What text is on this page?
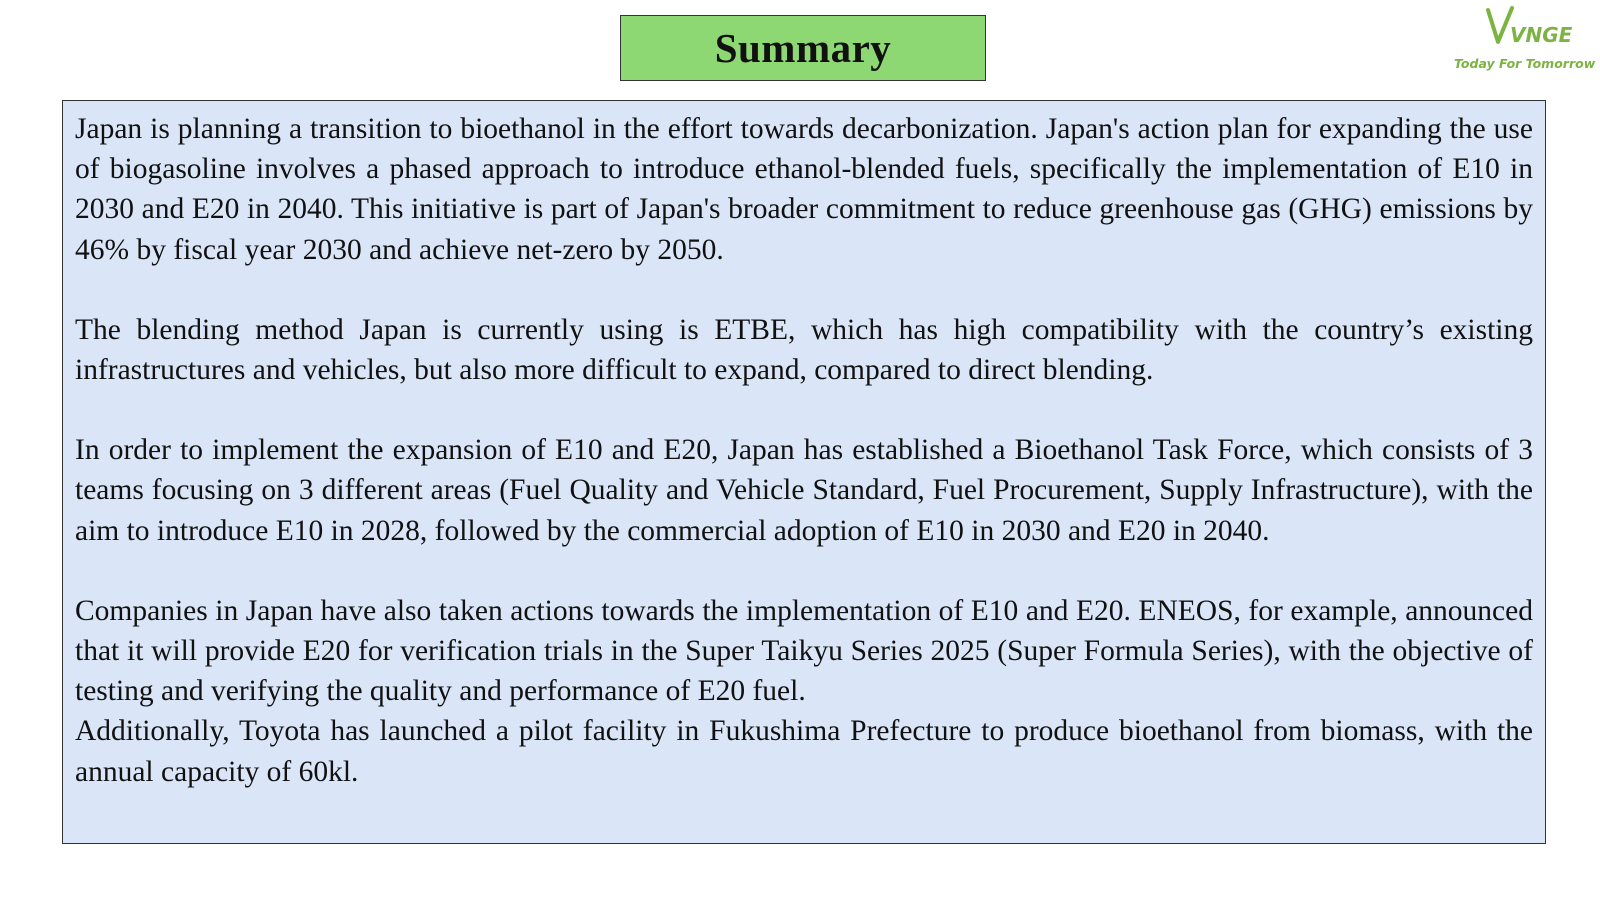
Summary	VNGE
Today For Tomorrow

Japan is planning a transition to bioethanol in the effort towards decarbonization. Japan's action plan for expanding the use of biogasoline involves a phased approach to introduce ethanol-blended fuels, specifically the implementation of E10 in 2030 and E20 in 2040. This initiative is part of Japan's broader commitment to reduce greenhouse gas (GHG) emissions by 46% by fiscal year 2030 and achieve net-zero by 2050.

The blending method Japan is currently using is ETBE, which has high compatibility with the country’s existing infrastructures and vehicles, but also more difficult to expand, compared to direct blending.

In order to implement the expansion of E10 and E20, Japan has established a Bioethanol Task Force, which consists of 3 teams focusing on 3 different areas (Fuel Quality and Vehicle Standard, Fuel Procurement, Supply Infrastructure), with the aim to introduce E10 in 2028, followed by the commercial adoption of E10 in 2030 and E20 in 2040.

Companies in Japan have also taken actions towards the implementation of E10 and E20. ENEOS, for example, announced that it will provide E20 for verification trials in the Super Taikyu Series 2025 (Super Formula Series), with the objective of testing and verifying the quality and performance of E20 fuel.

Additionally, Toyota has launched a pilot facility in Fukushima Prefecture to produce bioethanol from biomass, with the annual capacity of 60kl.
